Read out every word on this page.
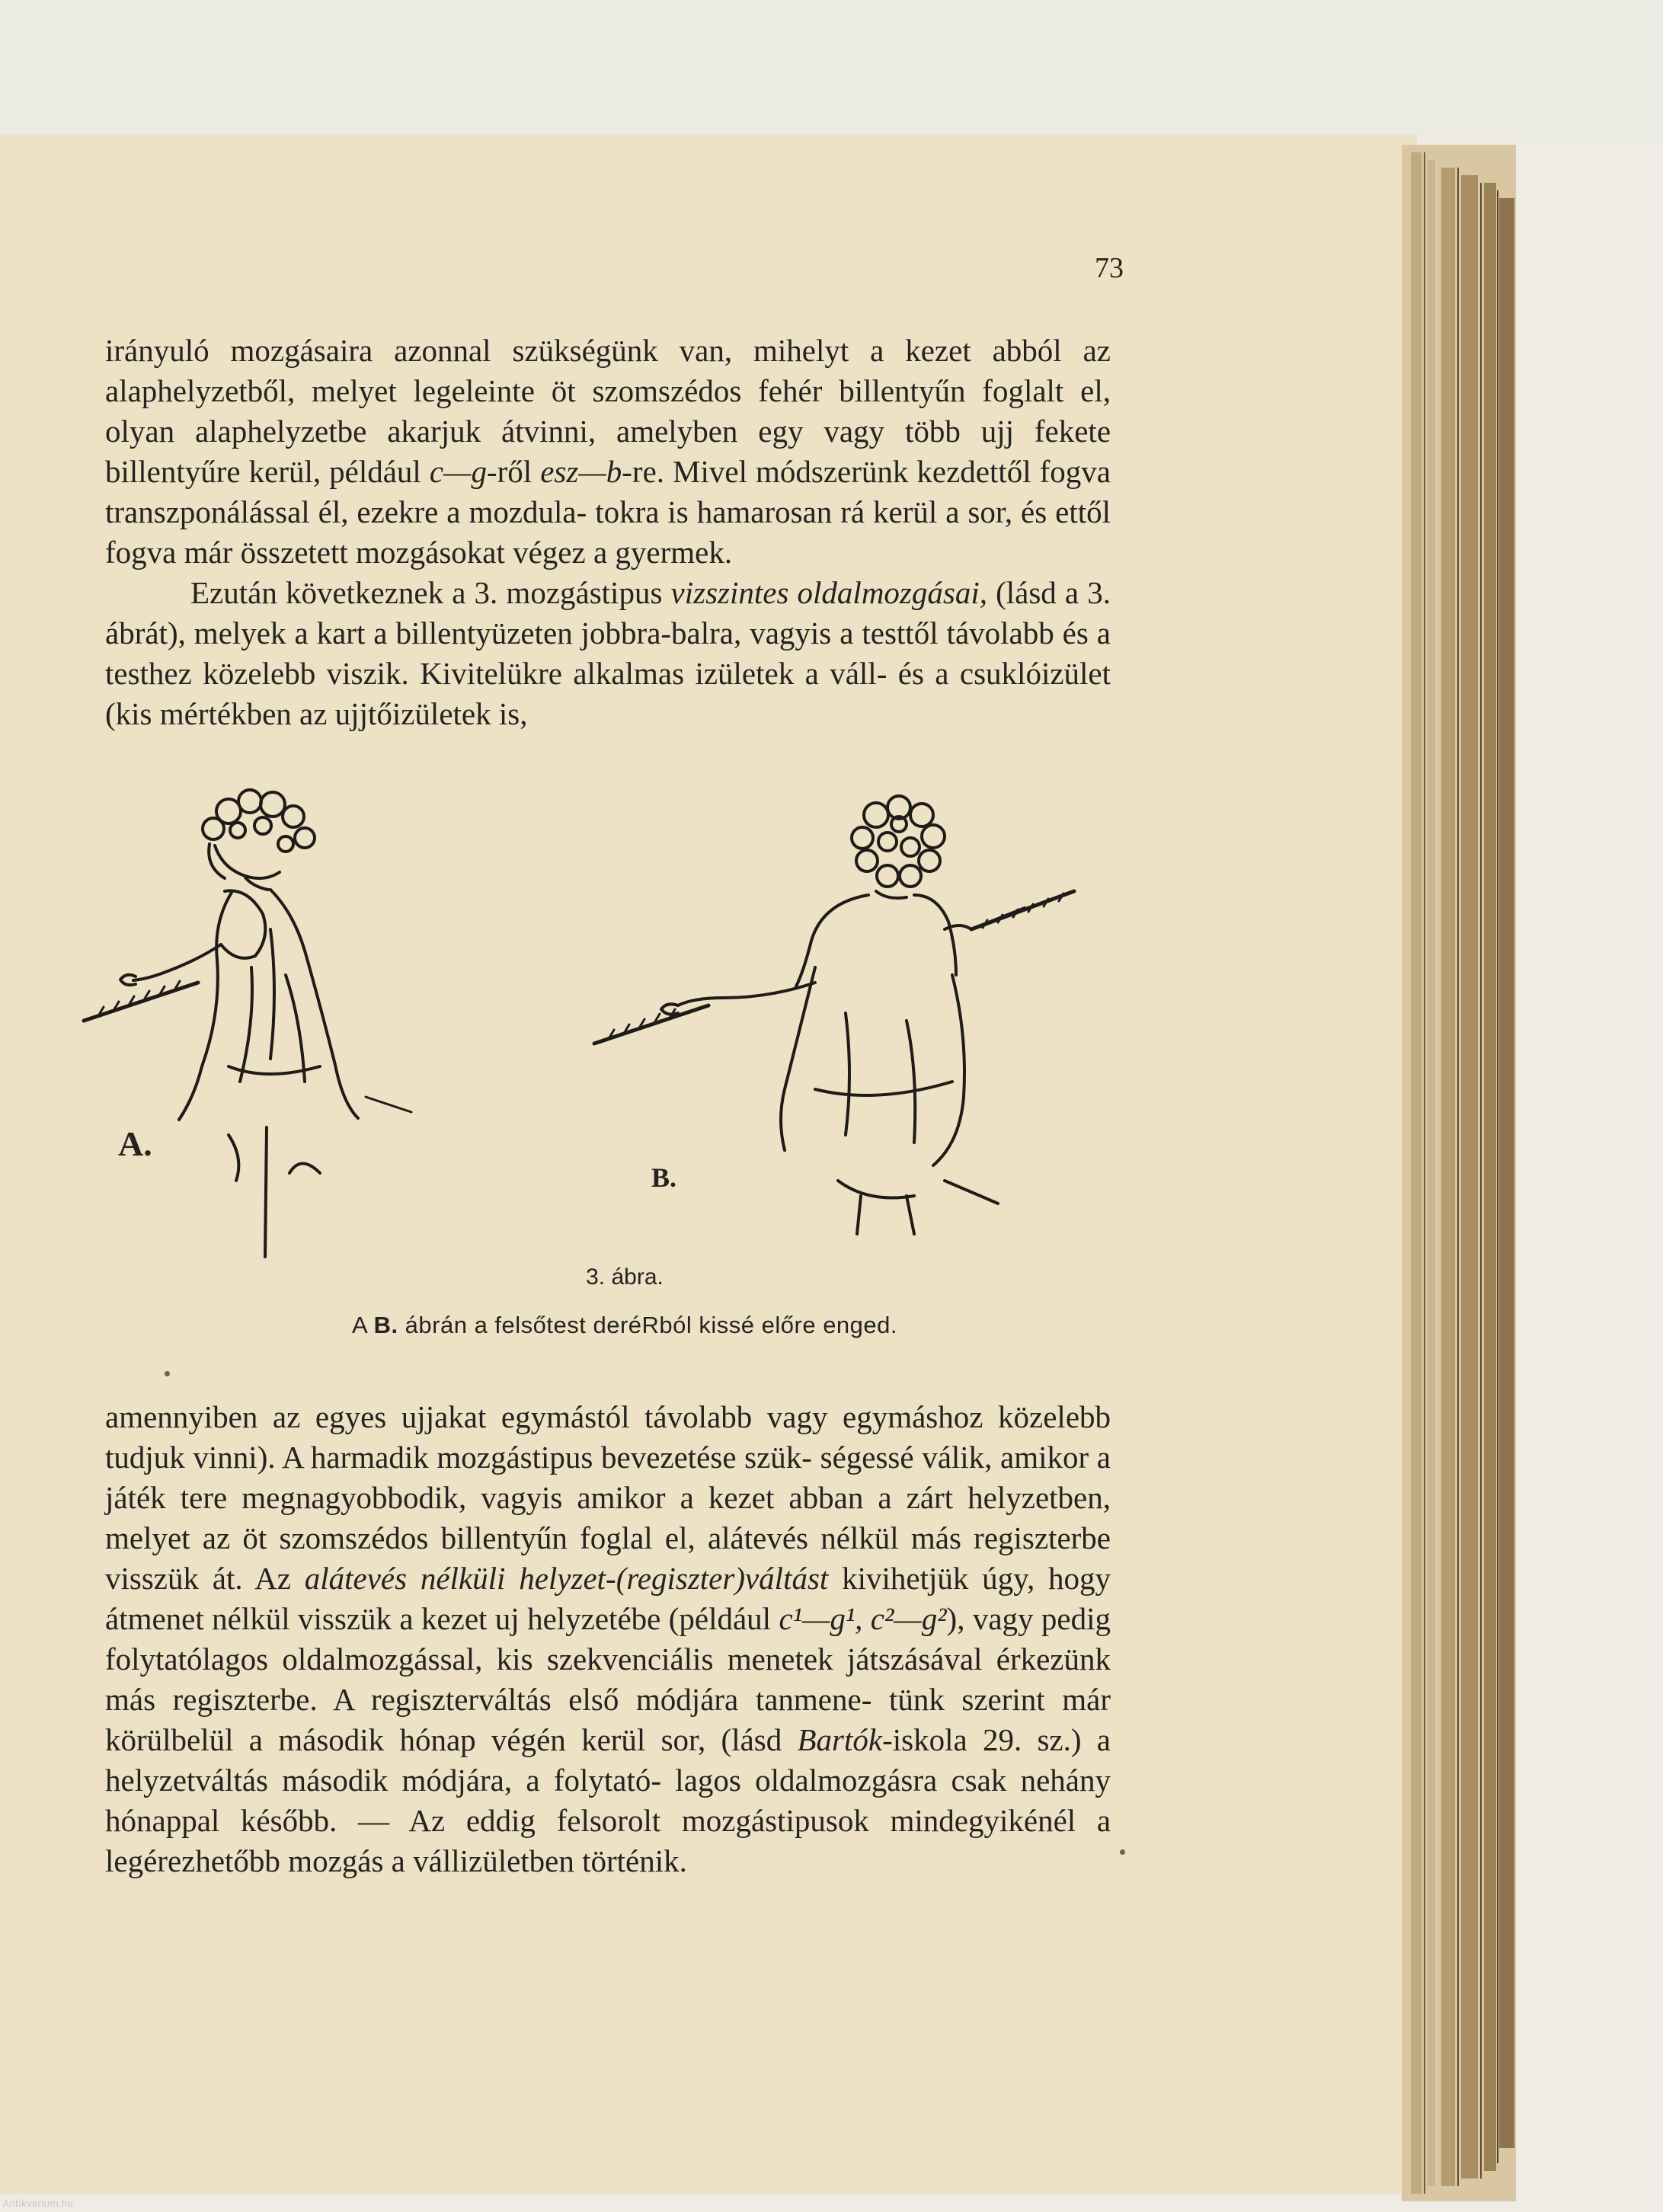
73

irányuló mozgásaira azonnal szükségünk van, mihelyt a kezet abból az alaphelyzetből, melyet legeleinte öt szomszédos fehér billentyűn foglalt el, olyan alaphelyzetbe akarjuk átvinni, amelyben egy vagy több ujj fekete billentyűre kerül, például c—g-ről esz—b-re. Mivel módszerünk kezdettől fogva transzponálással él, ezekre a mozdula- tokra is hamarosan rá kerül a sor, és ettől fogva már összetett mozgásokat végez a gyermek.
Ezután következnek a 3. mozgástipus vizszintes oldalmozgásai, (lásd a 3. ábrát), melyek a kart a billentyüzeten jobbra-balra, vagyis a testtől távolabb és a testhez közelebb viszik. Kivitelükre alkalmas izületek a váll- és a csuklóizület (kis mértékben az ujjtőizületek is,

A.
B.
3. ábra.
A B. ábrán a felsőtest deréRból kissé előre enged.

amennyiben az egyes ujjakat egymástól távolabb vagy egymáshoz közelebb tudjuk vinni). A harmadik mozgástipus bevezetése szük- ségessé válik, amikor a játék tere megnagyobbodik, vagyis amikor a kezet abban a zárt helyzetben, melyet az öt szomszédos billentyűn foglal el, alátevés nélkül más regiszterbe visszük át. Az alátevés nélküli helyzet-(regiszter)váltást kivihetjük úgy, hogy átmenet nélkül visszük a kezet uj helyzetébe (például c¹—g¹, c²—g²), vagy pedig folytatólagos oldalmozgással, kis szekvenciális menetek játszásával érkezünk más regiszterbe. A regiszterváltás első módjára tanmene- tünk szerint már körülbelül a második hónap végén kerül sor, (lásd Bartók-iskola 29. sz.) a helyzetváltás második módjára, a folytató- lagos oldalmozgásra csak nehány hónappal később. — Az eddig felsorolt mozgástipusok mindegyikénél a legérezhetőbb mozgás a vállizületben történik.

Antikvarium.hu
